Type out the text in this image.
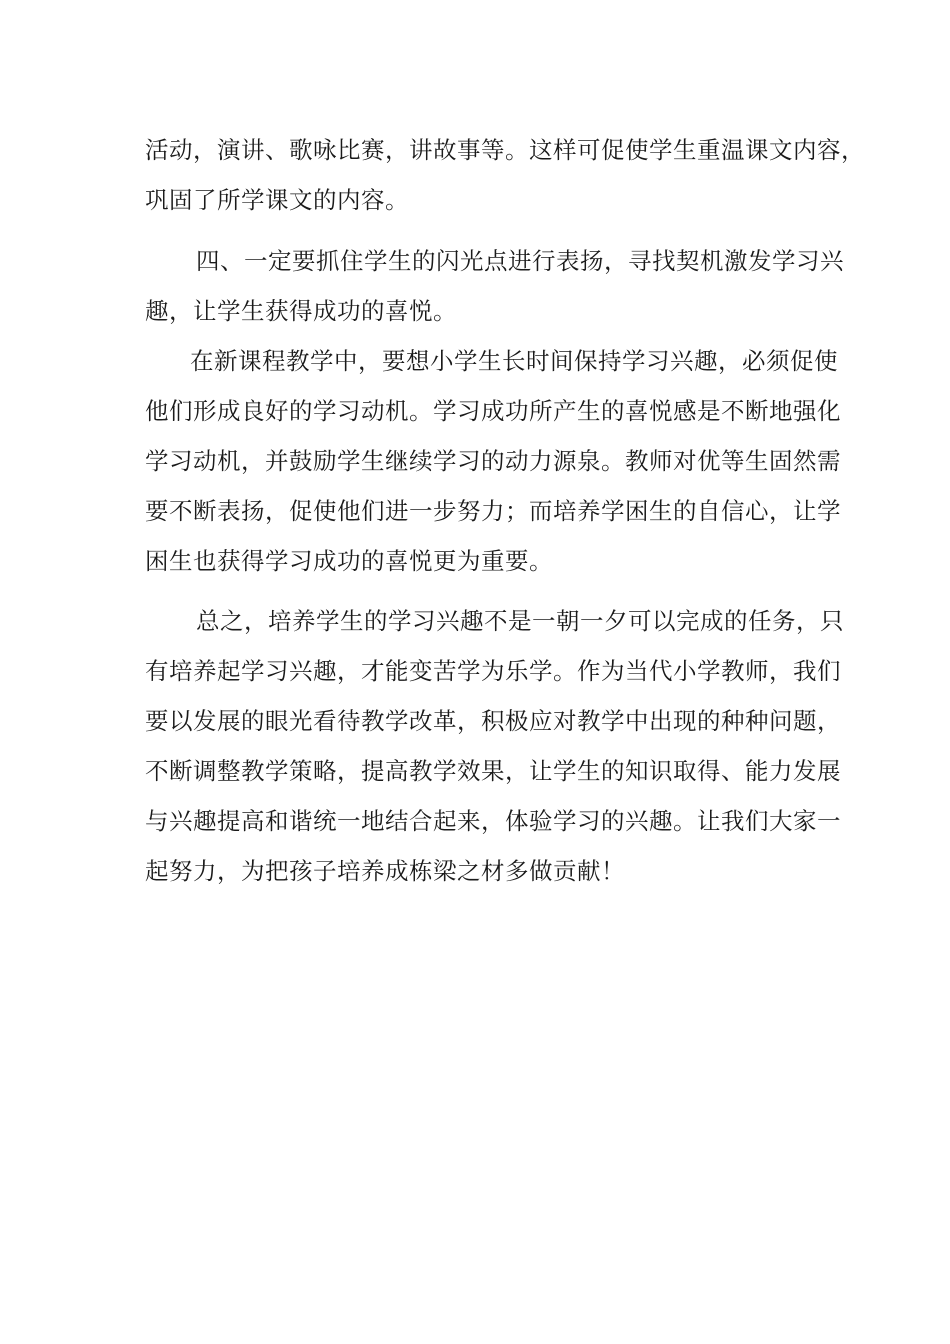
活动，演讲、歌咏比赛，讲故事等。这样可促使学生重温课文内容，

巩固了所学课文的内容。

四、一定要抓住学生的闪光点进行表扬，寻找契机激发学习兴

趣，让学生获得成功的喜悦。

在新课程教学中，要想小学生长时间保持学习兴趣，必须促使

他们形成良好的学习动机。学习成功所产生的喜悦感是不断地强化

学习动机，并鼓励学生继续学习的动力源泉。教师对优等生固然需

要不断表扬，促使他们进一步努力；而培养学困生的自信心，让学

困生也获得学习成功的喜悦更为重要。

总之，培养学生的学习兴趣不是一朝一夕可以完成的任务，只

有培养起学习兴趣，才能变苦学为乐学。作为当代小学教师，我们

要以发展的眼光看待教学改革，积极应对教学中出现的种种问题，

不断调整教学策略，提高教学效果，让学生的知识取得、能力发展

与兴趣提高和谐统一地结合起来，体验学习的兴趣。让我们大家一

起努力，为把孩子培养成栋梁之材多做贡献！
